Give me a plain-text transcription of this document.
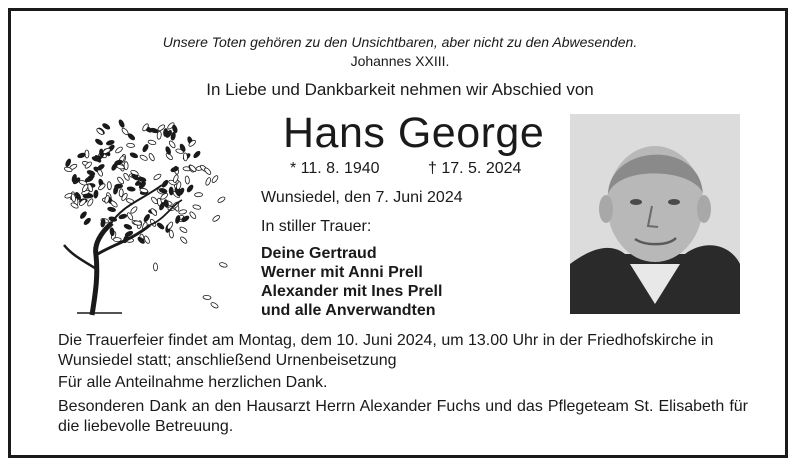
Unsere Toten gehören zu den Unsichtbaren, aber nicht zu den Abwesenden.
Johannes XXIII.
In Liebe und Dankbarkeit nehmen wir Abschied von
Hans George
* 11. 8. 1940	† 17. 5. 2024
Wunsiedel, den 7. Juni 2024
In stiller Trauer:
Deine Gertraud
Werner mit Anni Prell
Alexander mit Ines Prell
und alle Anverwandten
Die Trauerfeier findet am Montag, dem 10. Juni 2024, um 13.00 Uhr in der Friedhofskirche in Wunsiedel statt; anschließend Urnenbeisetzung
Für alle Anteilnahme herzlichen Dank.
Besonderen Dank an den Hausarzt Herrn Alexander Fuchs und das Pflegeteam St. Elisabeth für die liebevolle Betreuung.
